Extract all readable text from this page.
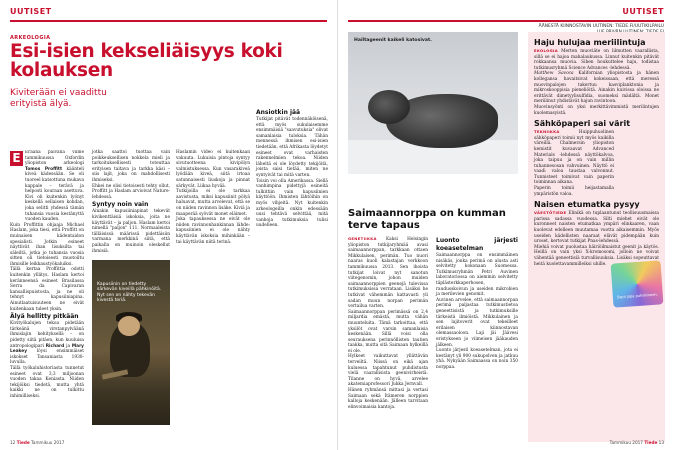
UUTISET
ARKEOLOGIA
Esi-isien kekseliäisyys koki kolauksen
Kiviterään ei vaadittu erityistä älyä.
E	Eräänä päivänä viime tammikuussa Oxfordin yliopiston arkeologi Tomos Proffitt käänteli kiveä kädessään. Se oli tuoreel katsottuna mukava kappale – terävä ja helposti kouraan asettuva. Kivi oli kuitenkin lyönyt keskellä sellaisen kohdan, joka selitti yhdessä tämän tuhansia vuosia kestänyttä vuoden kauden.

Kuin Proffittin ohjaaja Michael Haslam, joka tiesi, että Proffitt on muinaisen kädentaidon spesialisti. Jotkin esineet näyttivät ihan lisuksilta tai säleiltä, jotka jo tuhansia vuosia sitten oli tietoisesti muotoiltu ihmisille leikkaustyökaluiksi.

Tällä kertaa Proffittia odotti kuitenkin yllätys. Haslam kertoi keränneensä esineet Brasilassa Serra da Capivaran kansallispuistosta, ja ne oli tehnyt kapusiiniapina. Ainutlaatuisuuteen ne eivät kuitenkaan tuleet yksin.

Älyä hellitty pitkään

Kivityökalujen tekoa pidetään tärkeänä virstanpylväänä ihmislajin kehityksellä – on pidetty siitä pitäen, kun kuuluisa antropologipari Richard ja Mary Leakey löysi ensimmäiset iskokset Tansaniasta 1930-luvulla.

Tällä työkaluhistoriasta tunnetut esineet ovat 3,3 miljoonan vuoden takaa Keniasta. Niiden tekijöiksi tiedetä, mutta yhtä kaikki ne on tulkittu inhimilliseksi.

jotka saattoi tuottaa vain poikkeuksellisen nokkela mieli ja tarkoituksellisesti toteuttaa erityisen taitava ja tarkka käsi – siis lajit, joka on mahdollisesti ihmiseksi.

Ehkei ne olisi tietoisesti tehty ollut, Proffitt ja Haslam arvioivat Nature-lehdessä.

Syntyy noin vain

Ainakin kapusiiniapinat tekevät kivikenttäisiä iskoksia, joita ne käyttävät – ja paljon. Haslam kertoi nimellä "paljon" 111. Normaaleista tälläisissä määrissä pidettäisiin varmana merkkinä siitä, että paikalla on muinoin oleskellut ihmisiä.

Kapusiinin on tiedetty särkevän kiveillä pähkinöitä. Nyt sen on nähty tekevän kivestä teriä.

Haslamin video ei kuitenkaan vakuuta. Lukuisia pintoja syntyy sivutuotteena kivipölyn valmistuksessa. Kun vasarakiveä lyödään kiveä, siitä irtoaa satunnaisesti liuskoja ja pinnat särkyvät. Liikaa hyvää.

Tutkijoilla ei ole tarkkaa aavistusta, miksi kapusiinit pölyä haluavat, mutta arvelevat, että se on niiden ravinnon lisäke. Kiviä ja maaperää syövät monet eläimet.

Joka tapauksessa ne eivät ole niiden ravinnonhankinnan lähde: kapusiinien ei ole nähty käyttävän iskoksia mihinkään – tai käyttävän niitä terinä.

Ansiotkin jää

Tutkijat pitävät todennäköisenä, että myös sukulaisemme ensimmäisiä "saavutuksia" olivat samanlaisia tuloksia. Tähän mennessä ihmisen esi-isien tiedetään, että Afrikasta löydetyt esineet ovat varhaisten rakennelmien tekoa. Niiden läheltä ei ole löydetty tekijöitä, joista saisi tietää, miten ne syntyivät tai mitä varten.

Toisin voi olla Amerikassa. Siellä vanhimpina pidettyjä esineitä tulkittiin vain kapusiinien käyttöön. Ihmisten lähtöihin on myös vihjeitä. Nyt kuitenkin arkeologeilla onkin edessään uusi tehtävä selvittää, mitä vanhoja tutkimuksia tulisi uudelleen.

12 Tiede Tammikuu 2017
UUTISET
ÄÄNESTÄ KIINNOSTAVIN UUTINEN: TIEDE.FI/UUTIKILPAILU
Hailtageenit kaikeli katosivat.
Saimaannorppa on kumman terve tapaus

GENETIIKKA Kaksi Helsingin yliopiston tutkijaryhmää avasi saimaannorppan, tarkkaan ottaen Mikkulaisen, perimän. Tuo nuori naaras kuoli kalastajan verkkoon tammikuussa 2013. Sen ihoista tutkijat loivat nyt sanotun viitegenomin, johon muiden saimaannorppien geenejä tulevissa tutkimuksissa verrataan. Lisäksi he tutkivat vähemmän kattavasti yli sadan muun norpan perimän vertailua varten.

Saimaannorppan perimässä on 2,4 miljardia emästä, mutta vähän muunteluita. Tämä tarkoittaa, että yksilöt ovat varsin samanlaisia keskenään. Sillä voisi olla seurauksena perinnöllisten tautien taakka, mutta sitä Saimaan hylkeillä ei ole.

Hylkeet vaikuttavat yllättävän terveiltä. Niissä on eikä ajan kuluessa tapahtunut puhdistusta vielä vaarallisista geenivirheistä. Tilanne on hyvä, arvelee akatemiaprofessori Jukka Jernvall.

Hänen ryhmänsä mittasi ja vertasi Saimaan sekä Itämeren norppien kalloja keskenään. Jälleen tarvitaan elinvoimaisia kantoja.

Luonto järjesti koeasetelman

Saimaannorppa on ensimmäinen nisäkäs, jonka perimä on alusta asti selvitetty kokonaan Suomessa. Tutkimusryhmän Petri Auvinen laboratoriossa on aiemmin selvitetty täplästerkkaperhosen, raudusskoivun ja useiden mikrobien ja merilevien genomit.

Auvinen arvelee, että saimaannorpan perimä paljastaa tutkimustietoa geneettisistä ja tutkimuksille tärkeistä ilmiöistä. Mikkulainen ja sen lajitoverit ovat tekeilleet erilaisen kiinnostavan olemassaoloon. Laji jäi Jäävesi eristykseen jo viimeisen jääkauden jälkeen.

Luonto järjesti koeasetelman, jota ei kestänyt yli 900 sukupolven ja jatkuu yhä. Nykyään Saimaassa on noin 350 norppaa.

Haju hulujaa meriilintuja

EKOLOGIA Merten muoviäte on lilmutten vaarallista, sillä se ei hajoa mahalaukussa. Linnut kuitenkin pitävät rokkaansa muovia. Sihen houkuttelee haju, todistaa tutkimusryhmä Science Advances -lehdessä.

Matthew Savoca Kalifornian yliopistosta ja hänen kollegansa havaitsivat kokeissaan, että meressä muovinpalojen takertuu kasviplanktonia ja mikroskooppisia pieneliöitä. Ainakin kuivissa oloissa ne erittävät dimetyylisulfidia, suomeksi mädältä. Monet meriilinut yhdistävät hajun ravintoon.

Muovinsyönti on yksi merkittävimmistä merilintujen kuolemasyistä.

Sähköpaperi sai värit

TEKNIIKKA	Huippuhuolinen sähköpaperi toimii nyt myös kaikilla väreillä. Chalmersin yliopiston kemistit kuvaavat Advanced Materials -lehdessä näyttökalvoa, joka taipuu ja on vain millin tuhannesosan vahvuinen. Näyttö ei vaadi valoa taustaa valvonnut. Tunnisteet toimivat vain paperin toiminnan aikana.

Paperin toimii heijastamalla ympäristön valoa.

Naisen etumatka pysyy

VÄESTÖTIEDE Elinikä on tuplaantunut teollisuusmaissa parissa sadassa vuodessa. Silti miehet eivät ole kuronneet naisten etumatkaa ympäri elinkaaren, vaan kuolevat edelleen muutamaa vuotta aikaisemmin. Myös useiden kädellisten naaraat elävät pidempään kuin uroset, kertovat tutkijat Pnas-lehdessä.

Miehiä voivat puolustaa häiriöilmaistut geenit ja käytös. Heillä on vain yksi X-kromosomi, jolloin ne voivat vähentää geneettisiä turvallisuuksia. Lisäksi sopeuttavat heitä kuolettavammilleiksi uhille.

Sopii jopa puhelimeen.
Tammikuu 2017 Tiede 13
